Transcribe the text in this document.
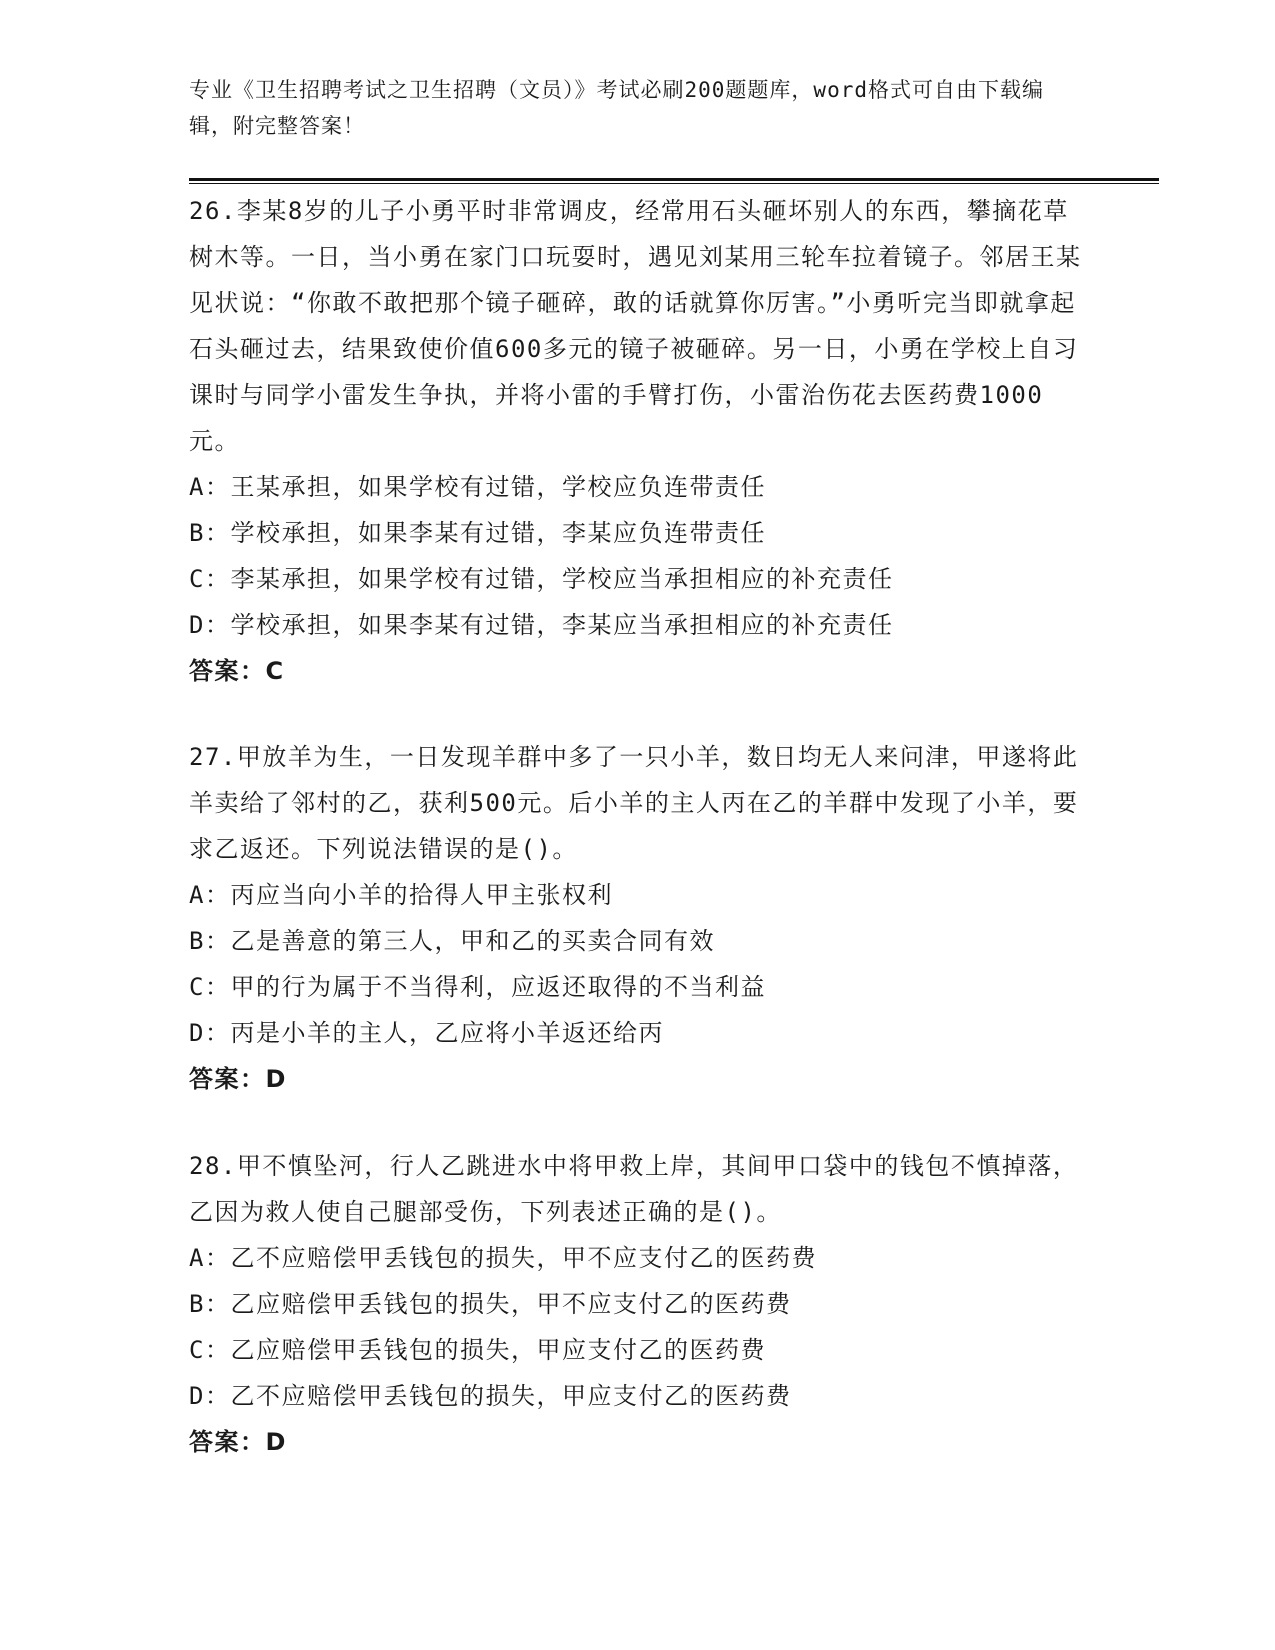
专业《卫生招聘考试之卫生招聘（文员）》考试必刷200题题库，word格式可自由下载编辑，附完整答案！
26.李某8岁的儿子小勇平时非常调皮，经常用石头砸坏别人的东西，攀摘花草树木等。一日，当小勇在家门口玩耍时，遇见刘某用三轮车拉着镜子。邻居王某见状说：“你敢不敢把那个镜子砸碎，敢的话就算你厉害。”小勇听完当即就拿起石头砸过去，结果致使价值600多元的镜子被砸碎。另一日，小勇在学校上自习课时与同学小雷发生争执，并将小雷的手臂打伤，小雷治伤花去医药费1000元。
A：王某承担，如果学校有过错，学校应负连带责任
B：学校承担，如果李某有过错，李某应负连带责任
C：李某承担，如果学校有过错，学校应当承担相应的补充责任
D：学校承担，如果李某有过错，李某应当承担相应的补充责任
答案：C
27.甲放羊为生，一日发现羊群中多了一只小羊，数日均无人来问津，甲遂将此羊卖给了邻村的乙，获利500元。后小羊的主人丙在乙的羊群中发现了小羊，要求乙返还。下列说法错误的是()。
A：丙应当向小羊的拾得人甲主张权利
B：乙是善意的第三人，甲和乙的买卖合同有效
C：甲的行为属于不当得利，应返还取得的不当利益
D：丙是小羊的主人，乙应将小羊返还给丙
答案：D
28.甲不慎坠河，行人乙跳进水中将甲救上岸，其间甲口袋中的钱包不慎掉落，乙因为救人使自己腿部受伤，下列表述正确的是()。
A：乙不应赔偿甲丢钱包的损失，甲不应支付乙的医药费
B：乙应赔偿甲丢钱包的损失，甲不应支付乙的医药费
C：乙应赔偿甲丢钱包的损失，甲应支付乙的医药费
D：乙不应赔偿甲丢钱包的损失，甲应支付乙的医药费
答案：D
